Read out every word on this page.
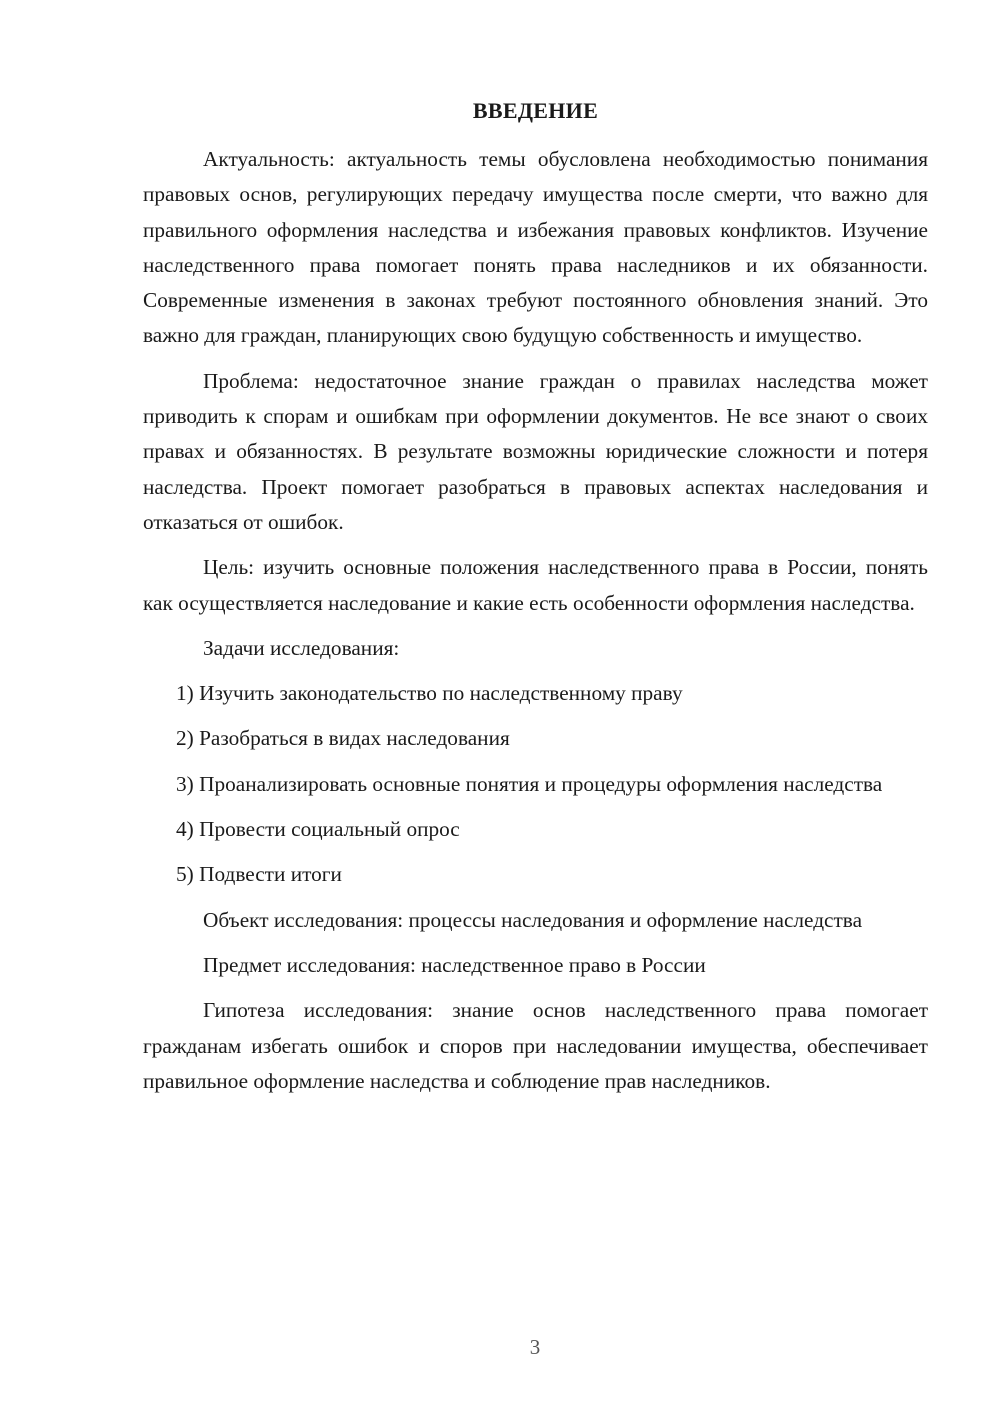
ВВЕДЕНИЕ

Актуальность: актуальность темы обусловлена необходимостью понимания правовых основ, регулирующих передачу имущества после смерти, что важно для правильного оформления наследства и избежания правовых конфликтов. Изучение наследственного права помогает понять права наследников и их обязанности. Современные изменения в законах требуют постоянного обновления знаний. Это важно для граждан, планирующих свою будущую собственность и имущество.

Проблема: недостаточное знание граждан о правилах наследства может приводить к спорам и ошибкам при оформлении документов. Не все знают о своих правах и обязанностях. В результате возможны юридические сложности и потеря наследства. Проект помогает разобраться в правовых аспектах наследования и отказаться от ошибок.

Цель: изучить основные положения наследственного права в России, понять как осуществляется наследование и какие есть особенности оформления наследства.

Задачи исследования:

1) Изучить законодательство по наследственному праву

2) Разобраться в видах наследования

3) Проанализировать основные понятия и процедуры оформления наследства

4) Провести социальный опрос

5) Подвести итоги

Объект исследования: процессы наследования и оформление наследства

Предмет исследования: наследственное право в России

Гипотеза исследования: знание основ наследственного права помогает гражданам избегать ошибок и споров при наследовании имущества, обеспечивает правильное оформление наследства и соблюдение прав наследников.

3
